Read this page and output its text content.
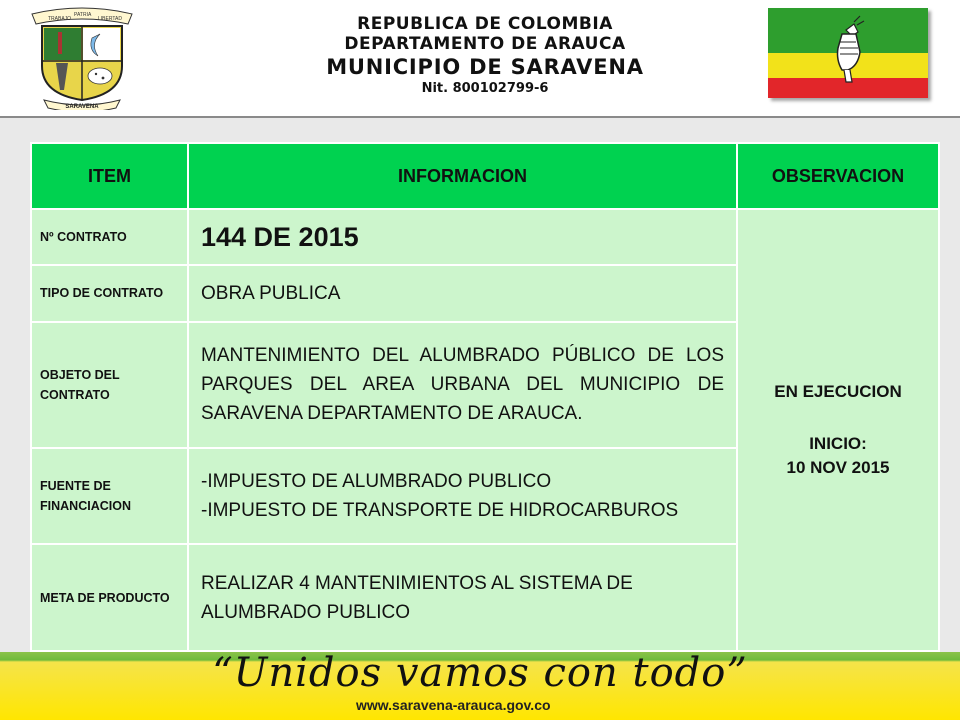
TRABAJO
PATRIA
LIBERTAD
SARAVENA
REPUBLICA DE COLOMBIA
DEPARTAMENTO DE ARAUCA
MUNICIPIO DE SARAVENA
Nit. 800102799-6
ITEM	INFORMACION	OBSERVACION
Nº CONTRATO	144 DE 2015	EN EJECUCION
INICIO:
10 NOV 2015
TIPO DE CONTRATO	OBRA PUBLICA	
OBJETO DEL CONTRATO	MANTENIMIENTO DEL ALUMBRADO PÚBLICO DE LOS PARQUES DEL AREA URBANA DEL MUNICIPIO DE SARAVENA DEPARTAMENTO DE ARAUCA.	
FUENTE DE FINANCIACION	-IMPUESTO DE ALUMBRADO PUBLICO
-IMPUESTO DE TRANSPORTE DE HIDROCARBUROS	
META DE PRODUCTO	REALIZAR 4 MANTENIMIENTOS AL SISTEMA DE ALUMBRADO PUBLICO	
“Unidos vamos con todo”
www.saravena-arauca.gov.co
